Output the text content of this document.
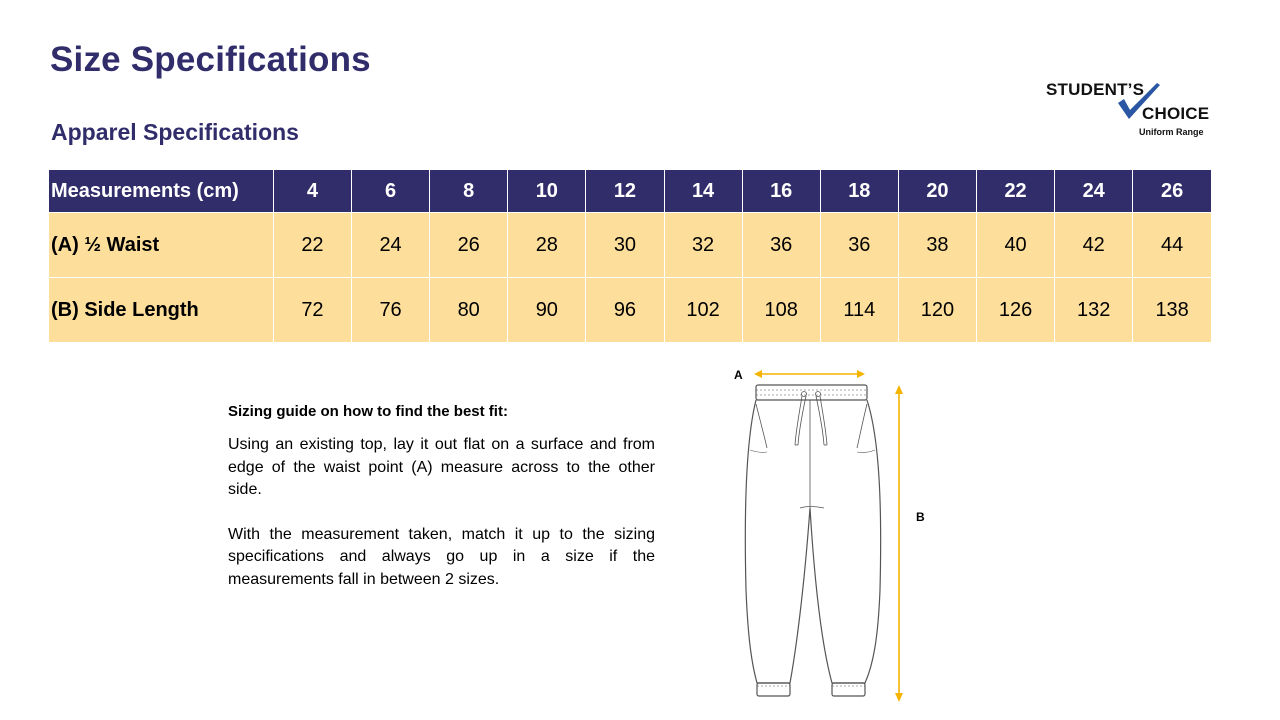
Size Specifications
Apparel Specifications
STUDENT’S
CHOICE
Uniform Range
Measurements (cm)	4	6	8	10	12	14	16	18	20	22	24	26
(A) ½ Waist	22	24	26	28	30	32	36	36	38	40	42	44
(B) Side Length	72	76	80	90	96	102	108	114	120	126	132	138
Sizing guide on how to find the best fit:

Using an existing top, lay it out flat on a surface and from edge of the waist point (A) measure across to the other side.

With the measurement taken, match it up to the sizing specifications and always go up in a size if the measurements fall in between 2 sizes.

A
B
